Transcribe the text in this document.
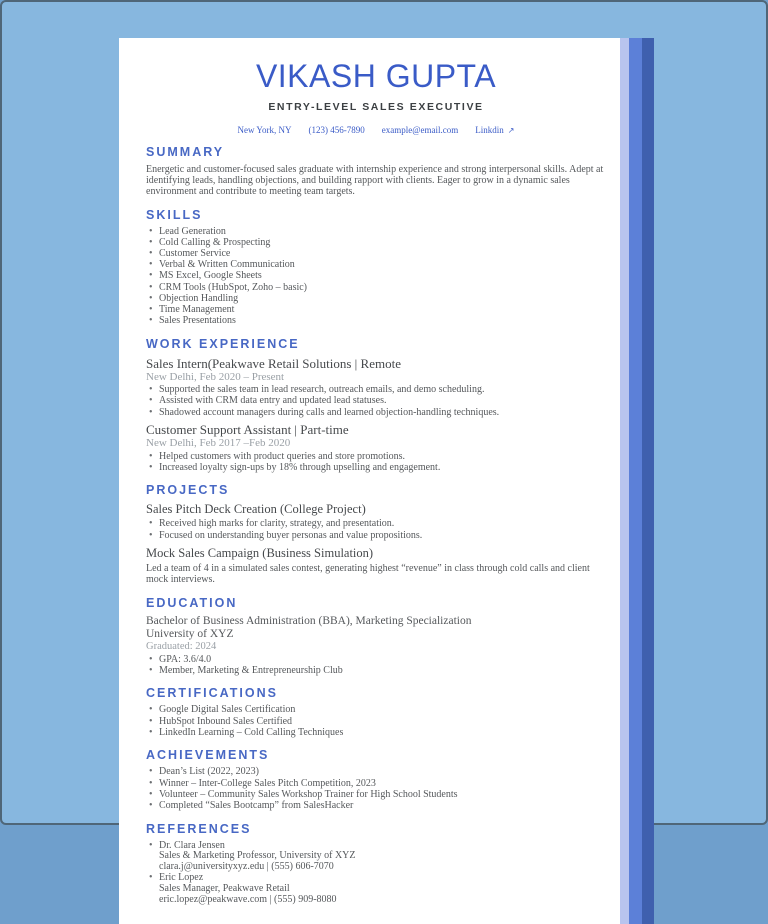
VIKASH GUPTA
ENTRY-LEVEL SALES EXECUTIVE
New York, NY (123) 456-7890 example@email.com Linkdin ↗
SUMMARY
Energetic and customer-focused sales graduate with internship experience and strong interpersonal skills. Adept at identifying leads, handling objections, and building rapport with clients. Eager to grow in a dynamic sales environment and contribute to meeting team targets.
SKILLS
• Lead Generation
• Cold Calling & Prospecting
• Customer Service
• Verbal & Written Communication
• MS Excel, Google Sheets
• CRM Tools (HubSpot, Zoho – basic)
• Objection Handling
• Time Management
• Sales Presentations
WORK EXPERIENCE
Sales Intern(Peakwave Retail Solutions | Remote
New Delhi, Feb 2020 – Present
• Supported the sales team in lead research, outreach emails, and demo scheduling.
• Assisted with CRM data entry and updated lead statuses.
• Shadowed account managers during calls and learned objection-handling techniques.
Customer Support Assistant | Part-time
New Delhi, Feb 2017 –Feb 2020
• Helped customers with product queries and store promotions.
• Increased loyalty sign-ups by 18% through upselling and engagement.
PROJECTS
Sales Pitch Deck Creation (College Project)
• Received high marks for clarity, strategy, and presentation.
• Focused on understanding buyer personas and value propositions.
Mock Sales Campaign (Business Simulation)
Led a team of 4 in a simulated sales contest, generating highest “revenue” in class through cold calls and client mock interviews.
EDUCATION
Bachelor of Business Administration (BBA), Marketing Specialization
University of XYZ
Graduated: 2024
• GPA: 3.6/4.0
• Member, Marketing & Entrepreneurship Club
CERTIFICATIONS
• Google Digital Sales Certification
• HubSpot Inbound Sales Certified
• LinkedIn Learning – Cold Calling Techniques
ACHIEVEMENTS
• Dean’s List (2022, 2023)
• Winner – Inter-College Sales Pitch Competition, 2023
• Volunteer – Community Sales Workshop Trainer for High School Students
• Completed “Sales Bootcamp” from SalesHacker
REFERENCES
• Dr. Clara Jensen
Sales & Marketing Professor, University of XYZ
clara.j@universityxyz.edu | (555) 606-7070
• Eric Lopez
Sales Manager, Peakwave Retail
eric.lopez@peakwave.com | (555) 909-8080
